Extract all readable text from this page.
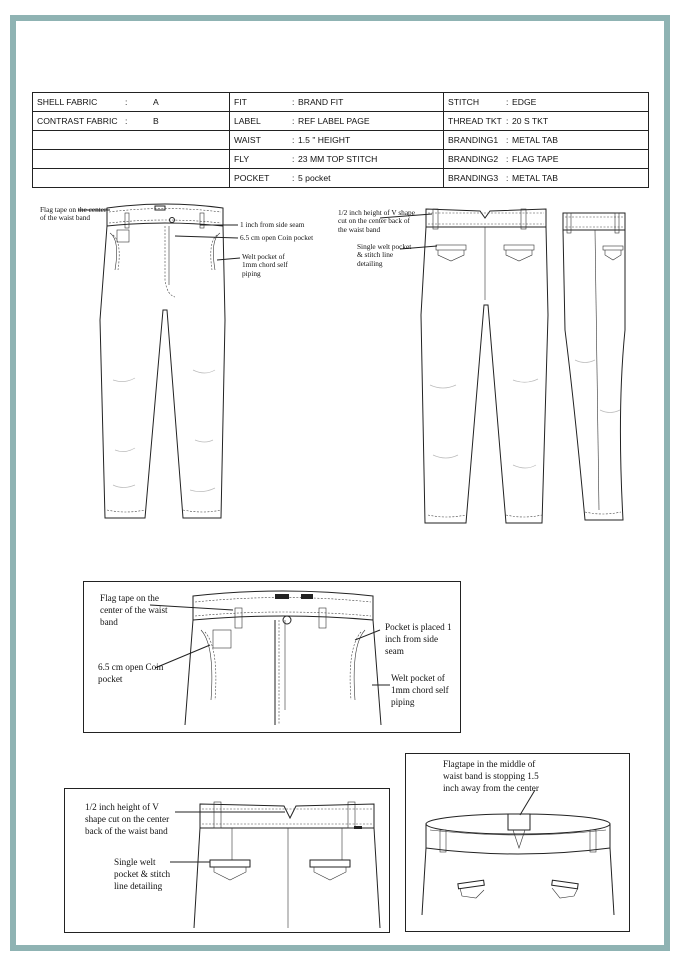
SHELL FABRIC : A	FIT : BRAND FIT	STITCH : EDGE

CONTRAST FABRIC : B	LABEL : REF LABEL PAGE	THREAD TKT : 20 S TKT

	WAIST : 1.5 " HEIGHT	BRANDING1 : METAL TAB

	FLY : 23 MM TOP STITCH	BRANDING2 : FLAG TAPE

	POCKET : 5 pocket	BRANDING3 : METAL TAB
Flag tape on the center of the waist band
1 inch from side seam
6.5 cm open Coin pocket
Welt pocket of 1mm chord self piping
1/2 inch height of V shape cut on the center back of the waist band
Single welt pocket & stitch line detailing
Flag tape on the center of the waist band
6.5 cm open Coin pocket
Pocket is placed 1 inch from side seam
Welt pocket of 1mm chord self piping
1/2 inch height of V shape cut on the center back of the waist band
Single welt pocket & stitch line detailing
Flagtape in the middle of waist band is stopping 1.5 inch away from the center
